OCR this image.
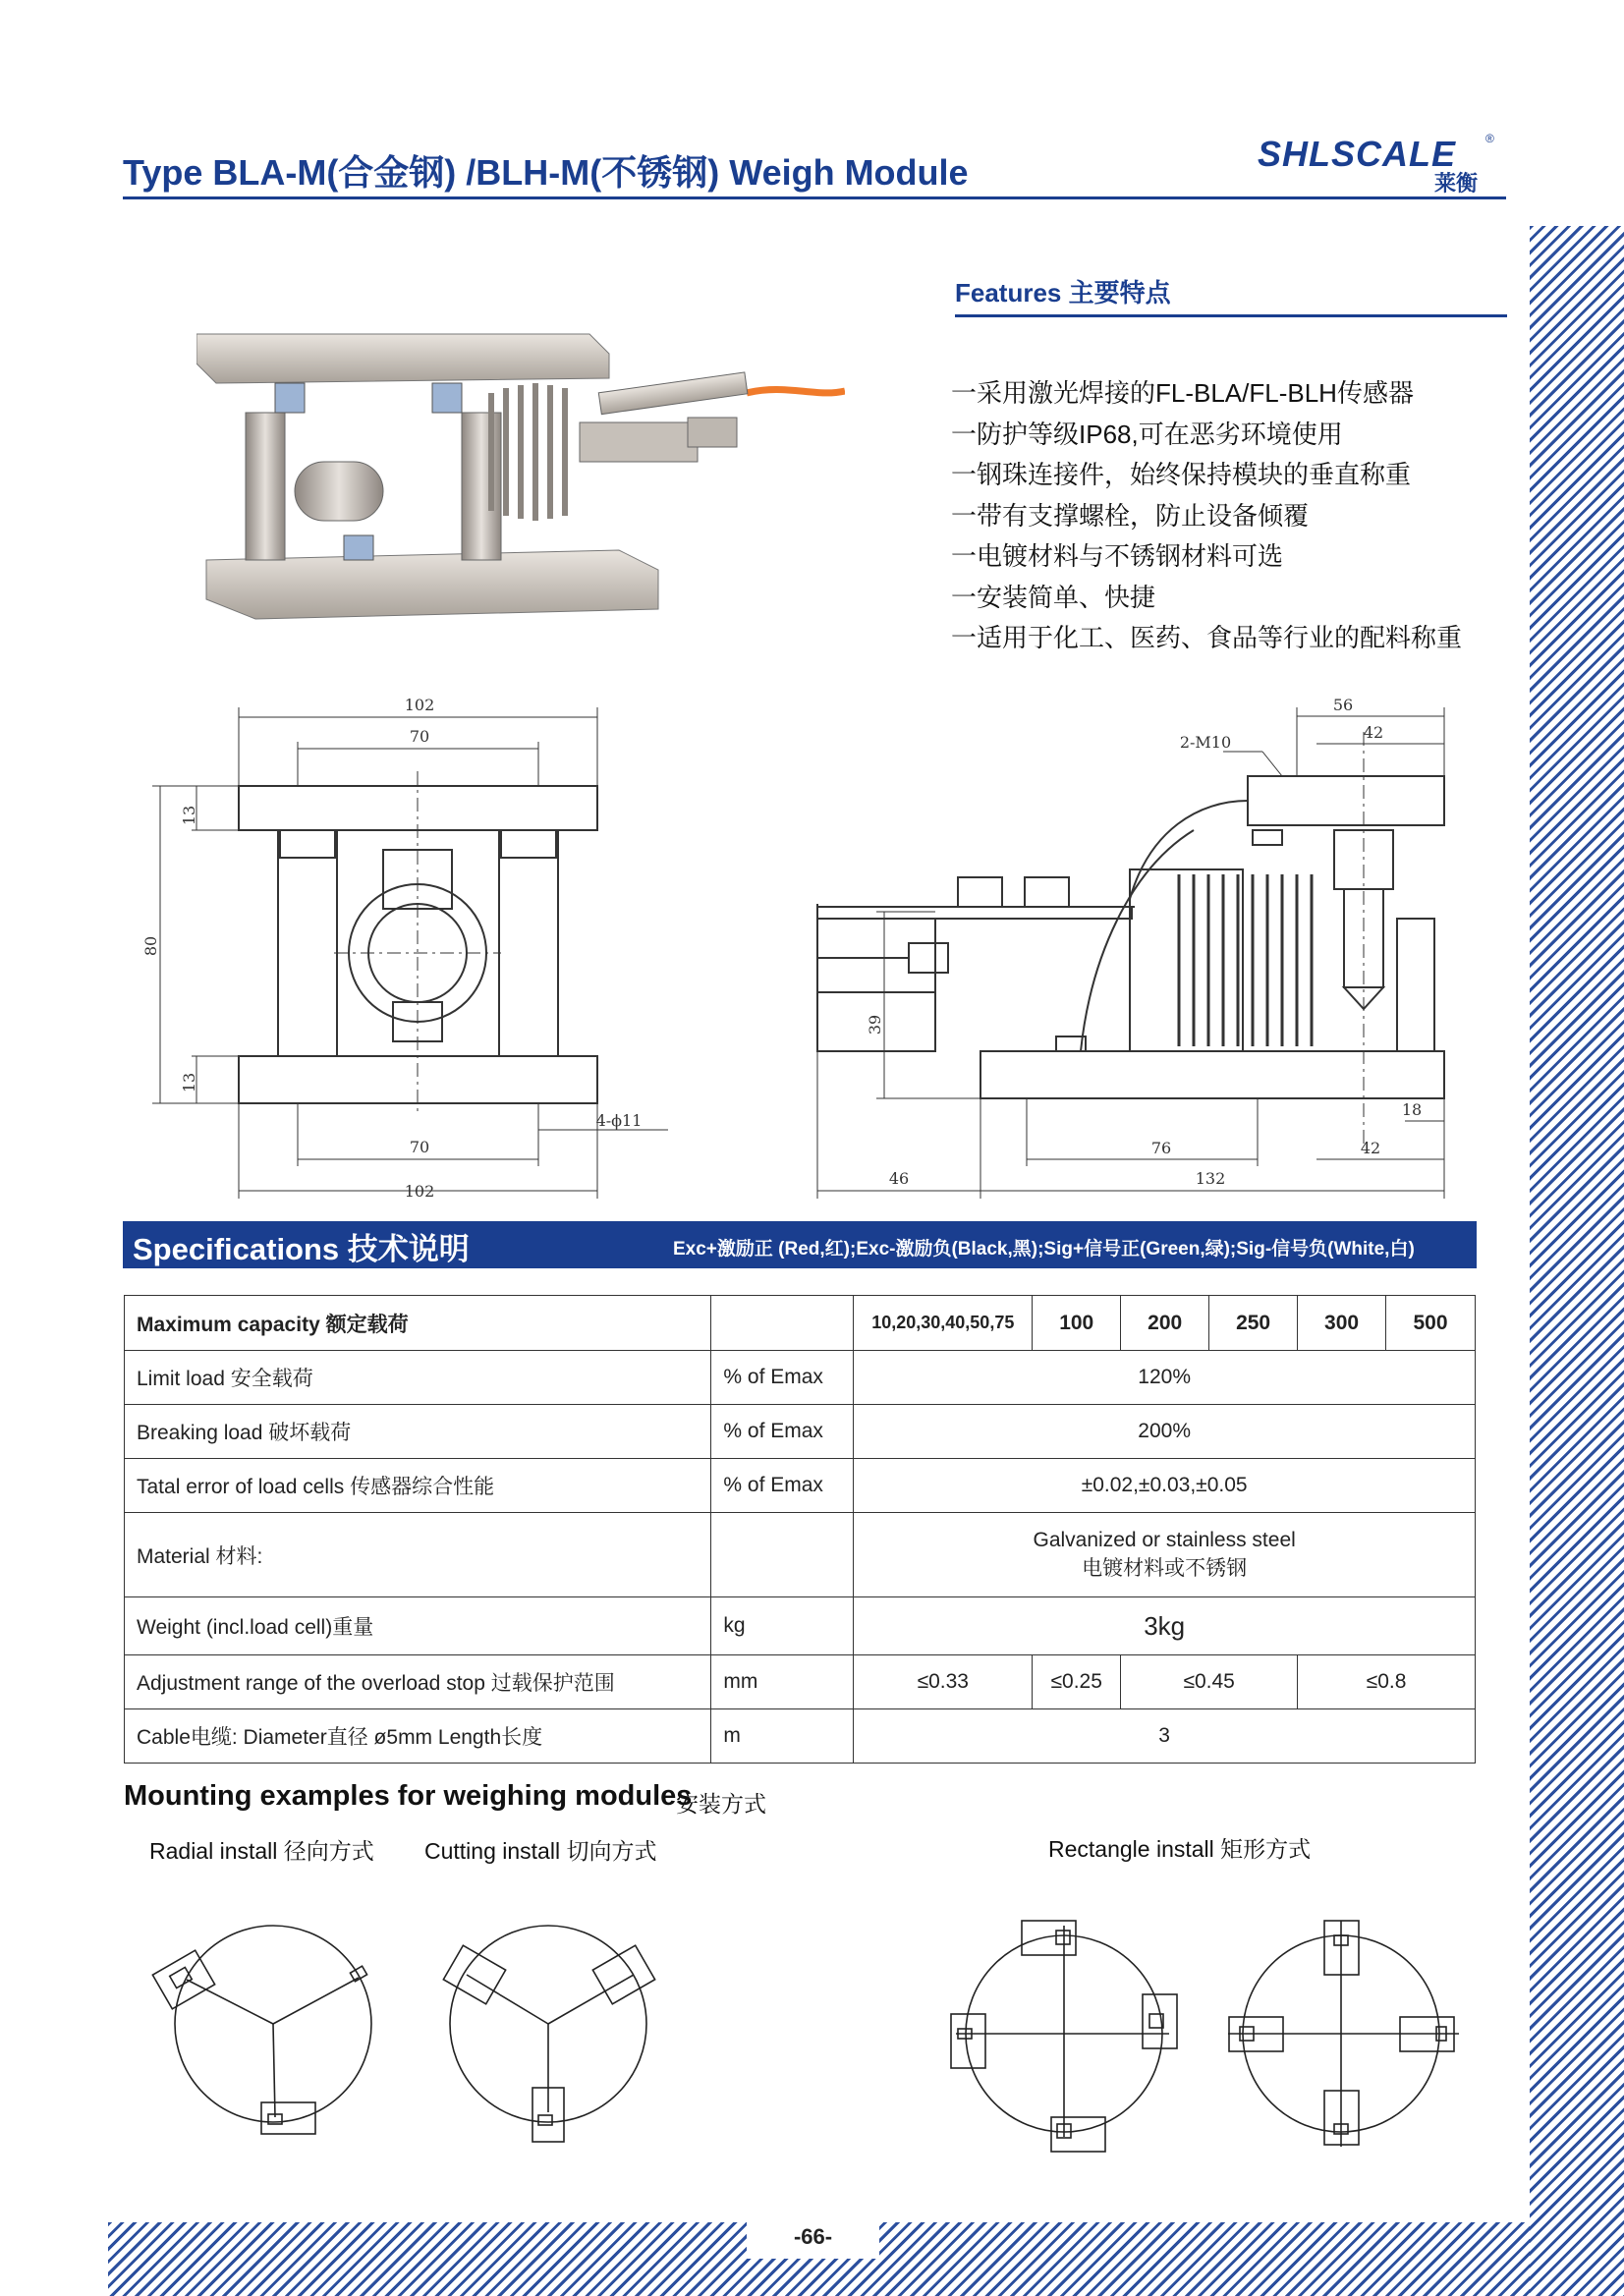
-66-
Type BLA-M(合金钢) /BLH-M(不锈钢) Weigh Module	SHLSCALE ®
莱衡
Features 主要特点
一采用激光焊接的FL-BLA/FL-BLH传感器
一防护等级IP68,可在恶劣环境使用
一钢珠连接件，始终保持模块的垂直称重
一带有支撑螺栓，防止设备倾覆
一电镀材料与不锈钢材料可选
一安装简单、快捷
一适用于化工、医药、食品等行业的配料称重
102
70
13
80
13
70
102
4-ϕ11
56
42
2-M10
39
18
76	42
46	132
Specifications 技术说明	Exc+激励正 (Red,红);Exc-激励负(Black,黑);Sig+信号正(Green,绿);Sig-信号负(White,白)
Maximum capacity 额定载荷		10,20,30,40,50,75	100	200	250	300	500
Limit load 安全载荷	% of Emax	120%					
Breaking load 破坏载荷	% of Emax	200%					
Tatal error of load cells 传感器综合性能	% of Emax	±0.02,±0.03,±0.05					
Material 材料:		Galvanized or stainless steel
电镀材料或不锈钢					

Weight (incl.load cell)重量	kg	3kg					
Adjustment range of the overload stop 过载保护范围	mm	≤0.33	≤0.25	≤0.45		≤0.8	
Cable电缆: Diameter直径 ø5mm Length长度	m	3					
Mounting examples for weighing modules
安装方式
Radial install 径向方式 Cutting install 切向方式	Rectangle install 矩形方式
